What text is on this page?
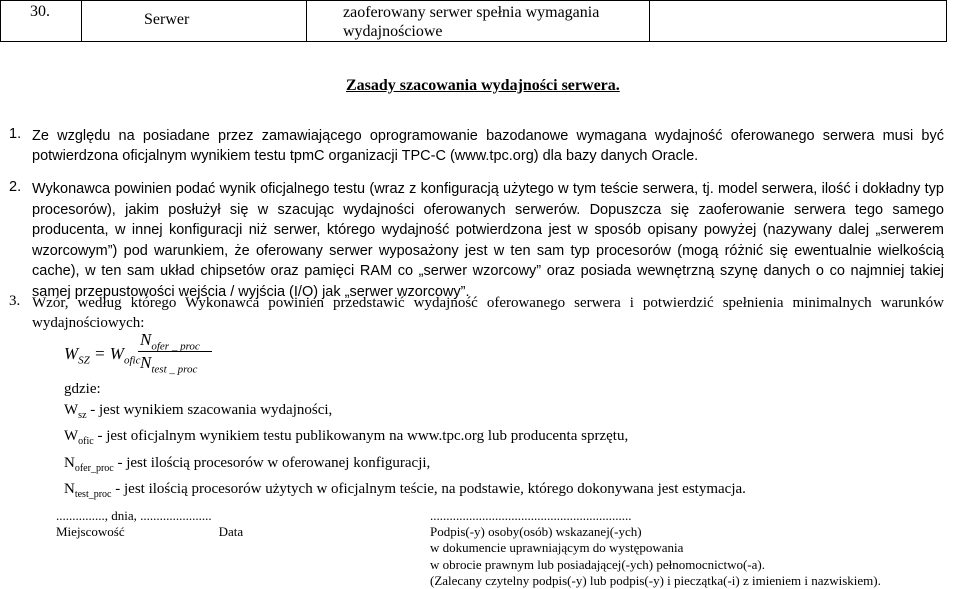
30.	Serwer	zaoferowany serwer spełnia wymagania wydajnościowe

Zasady szacowania wydajności serwera.
1. Ze względu na posiadane przez zamawiającego oprogramowanie bazodanowe wymagana wydajność oferowanego serwera musi być potwierdzona oficjalnym wynikiem testu tpmC organizacji TPC-C (www.tpc.org) dla bazy danych Oracle.
2. Wykonawca powinien podać wynik oficjalnego testu (wraz z konfiguracją użytego w tym teście serwera, tj. model serwera, ilość i dokładny typ procesorów), jakim posłużył się w szacując wydajności oferowanych serwerów. Dopuszcza się zaoferowanie serwera tego samego producenta, w innej konfiguracji niż serwer, którego wydajność potwierdzona jest w sposób opisany powyżej (nazywany dalej „serwerem wzorcowym”) pod warunkiem, że oferowany serwer wyposażony jest w ten sam typ procesorów (mogą różnić się ewentualnie wielkością cache), w ten sam układ chipsetów oraz pamięci RAM co „serwer wzorcowy” oraz posiada wewnętrzną szynę danych o co najmniej takiej samej przepustowości wejścia / wyjścia (I/O) jak „serwer wzorcowy”.
3. Wzór, według którego Wykonawca powinien przedstawić wydajność oferowanego serwera i potwierdzić spełnienia minimalnych warunków wydajnościowych:
$W_{SZ} = W_{ofic}$
$N_{ofer \_ proc}$
$N_{test \_ proc}$
gdzie:
$W_{sz}$ - jest wynikiem szacowania wydajności,
$W_{ofic}$ - jest oficjalnym wynikiem testu publikowanym na www.tpc.org lub producenta sprzętu,
$N_{ofer\_proc}$ - jest ilością procesorów w oferowanej konfiguracji,
$N_{test\_proc}$ - jest ilością procesorów użytych w oficjalnym teście, na podstawie, którego dokonywana jest estymacja.
..............., dnia, ......................
Miejscowość	Data
..............................................................
Podpis(-y) osoby(osób) wskazanej(-ych)
w dokumencie uprawniającym do występowania
w obrocie prawnym lub posiadającej(-ych) pełnomocnictwo(-a).
(Zalecany czytelny podpis(-y) lub podpis(-y) i pieczątka(-i) z imieniem i nazwiskiem).
